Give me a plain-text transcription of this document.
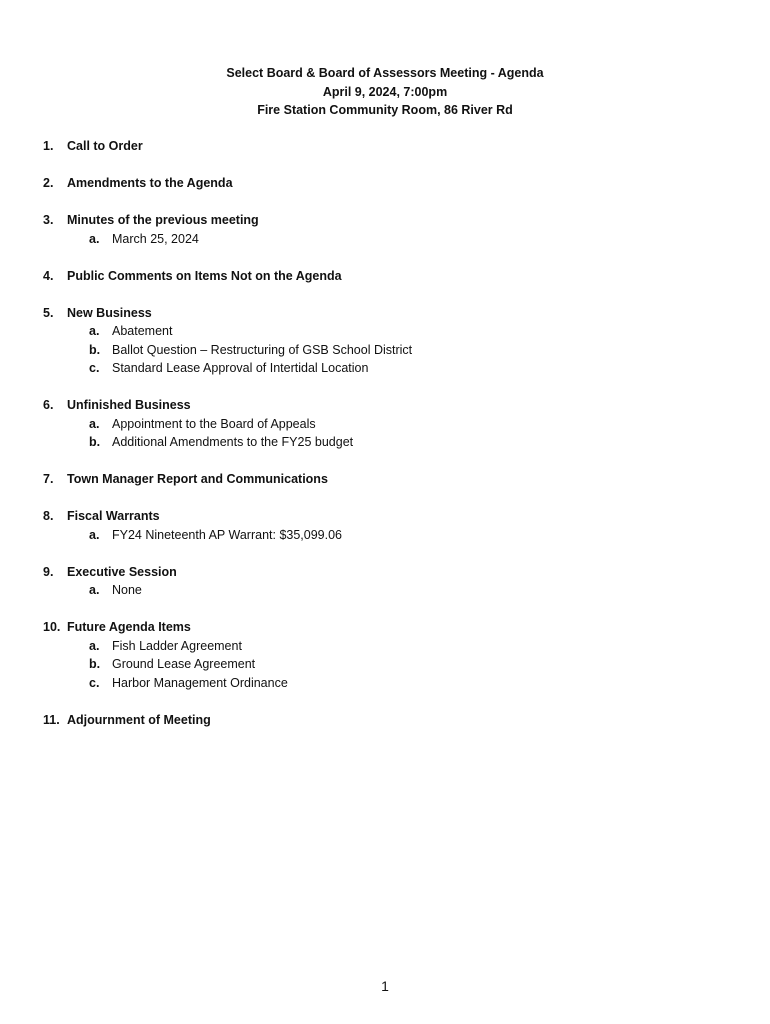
Select Board & Board of Assessors Meeting - Agenda
April 9, 2024, 7:00pm
Fire Station Community Room, 86 River Rd
1. Call to Order
2. Amendments to the Agenda
3. Minutes of the previous meeting
a. March 25, 2024
4. Public Comments on Items Not on the Agenda
5. New Business
a. Abatement
b. Ballot Question – Restructuring of GSB School District
c. Standard Lease Approval of Intertidal Location
6. Unfinished Business
a. Appointment to the Board of Appeals
b. Additional Amendments to the FY25 budget
7. Town Manager Report and Communications
8. Fiscal Warrants
a. FY24 Nineteenth AP Warrant: $35,099.06
9. Executive Session
a. None
10. Future Agenda Items
a. Fish Ladder Agreement
b. Ground Lease Agreement
c. Harbor Management Ordinance
11. Adjournment of Meeting
1
